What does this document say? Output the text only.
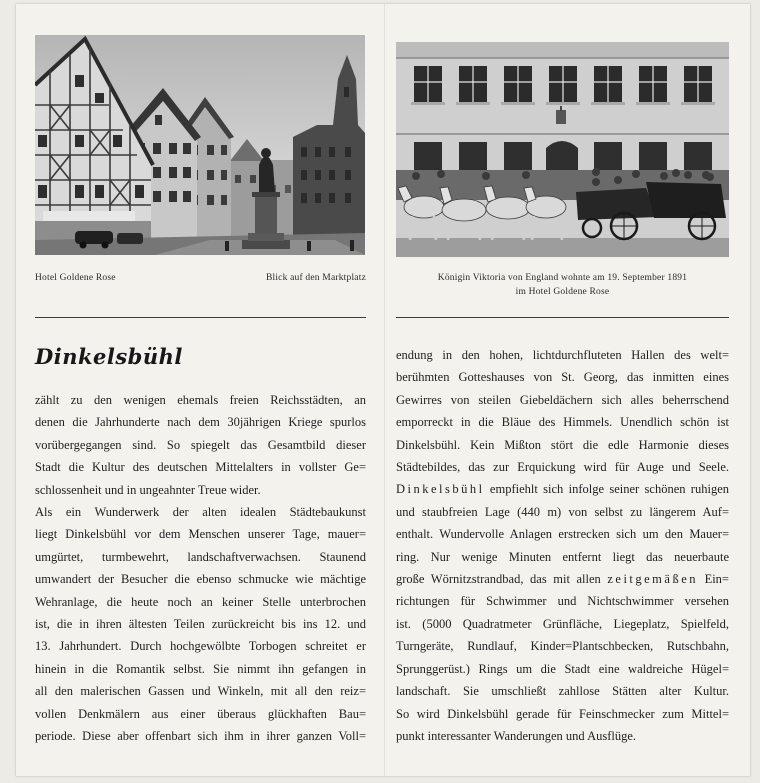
Hotel Goldene Rose	Blick auf den Marktplatz	Königin Viktoria von England wohnte am 19. September 1891
im Hotel Goldene Rose
Dinkelsbühl
zählt zu den wenigen ehemals freien Reichsstädten, an
denen die Jahrhunderte nach dem 30jährigen Kriege spurlos
vorübergegangen sind. So spiegelt das Gesamtbild dieser
Stadt die Kultur des deutschen Mittelalters in vollster Ge=
schlossenheit und in ungeahnter Treue wider.
Als ein Wunderwerk der alten idealen Städtebaukunst
liegt Dinkelsbühl vor dem Menschen unserer Tage, mauer=
umgürtet, turmbewehrt, landschaftverwachsen. Staunend
umwandert der Besucher die ebenso schmucke wie mächtige
Wehranlage, die heute noch an keiner Stelle unterbrochen
ist, die in ihren ältesten Teilen zurückreicht bis ins 12. und
13. Jahrhundert. Durch hochgewölbte Torbogen schreitet er
hinein in die Romantik selbst. Sie nimmt ihn gefangen in
all den malerischen Gassen und Winkeln, mit all den reiz=
vollen Denkmälern aus einer überaus glückhaften Bau=
periode. Diese aber offenbart sich ihm in ihrer ganzen Voll=
endung in den hohen, lichtdurchfluteten Hallen des welt=
berühmten Gotteshauses von St. Georg, das inmitten eines
Gewirres von steilen Giebeldächern sich alles beherrschend
emporreckt in die Bläue des Himmels. Unendlich schön ist
Dinkelsbühl. Kein Mißton stört die edle Harmonie dieses
Städtebildes, das zur Erquickung wird für Auge und Seele.
Dinkelsbühl empfiehlt sich infolge seiner schönen ruhigen
und staubfreien Lage (440 m) von selbst zu längerem Auf=
enthalt. Wundervolle Anlagen erstrecken sich um den Mauer=
ring. Nur wenige Minuten entfernt liegt das neuerbaute
große Wörnitzstrandbad, das mit allen zeitgemäßen Ein=
richtungen für Schwimmer und Nichtschwimmer versehen
ist. (5000 Quadratmeter Grünfläche, Liegeplatz, Spielfeld,
Turngeräte, Rundlauf, Kinder=Plantschbecken, Rutschbahn,
Sprunggerüst.) Rings um die Stadt eine waldreiche Hügel=
landschaft. Sie umschließt zahllose Stätten alter Kultur.
So wird Dinkelsbühl gerade für Feinschmecker zum Mittel=
punkt interessanter Wanderungen und Ausflüge.
